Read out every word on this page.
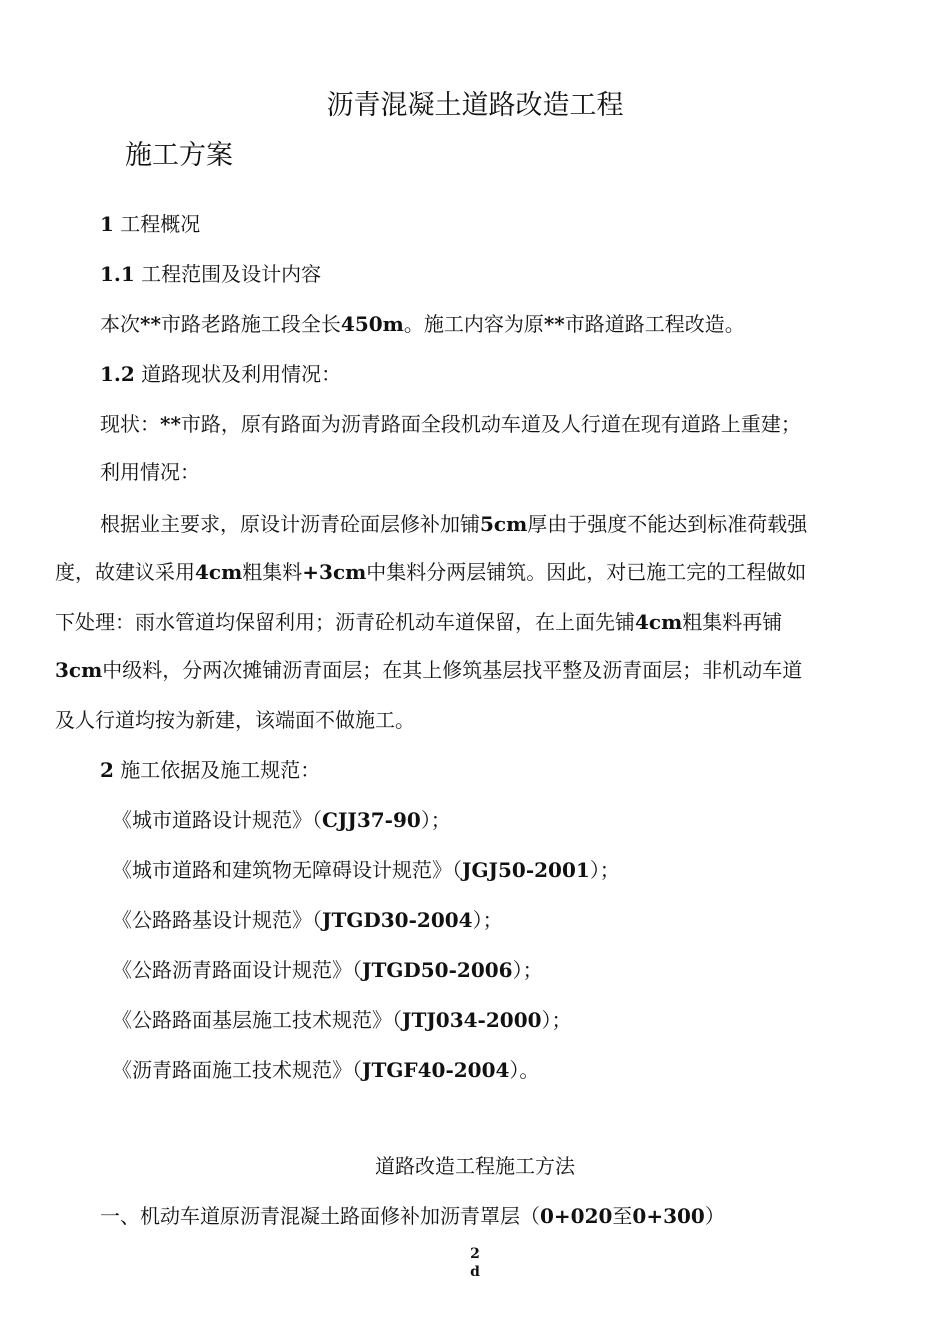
沥青混凝土道路改造工程
施工方案
1 工程概况
1.1 工程范围及设计内容
本次**市路老路施工段全长450m。施工内容为原**市路道路工程改造。
1.2 道路现状及利用情况：
现状：**市路，原有路面为沥青路面全段机动车道及人行道在现有道路上重建；
利用情况：
根据业主要求，原设计沥青砼面层修补加铺5cm厚由于强度不能达到标准荷载强
度，故建议采用4cm粗集料+3cm中集料分两层铺筑。因此，对已施工完的工程做如
下处理：雨水管道均保留利用；沥青砼机动车道保留，在上面先铺4cm粗集料再铺
3cm中级料，分两次摊铺沥青面层；在其上修筑基层找平整及沥青面层；非机动车道
及人行道均按为新建，该端面不做施工。
2 施工依据及施工规范：
《城市道路设计规范》（CJJ37-90）；
《城市道路和建筑物无障碍设计规范》（JGJ50-2001）；
《公路路基设计规范》（JTGD30-2004）；
《公路沥青路面设计规范》（JTGD50-2006）；
《公路路面基层施工技术规范》（JTJ034-2000）；
《沥青路面施工技术规范》（JTGF40-2004）。
道路改造工程施工方法
一、机动车道原沥青混凝土路面修补加沥青罩层（0+020至0+300）
2
d
